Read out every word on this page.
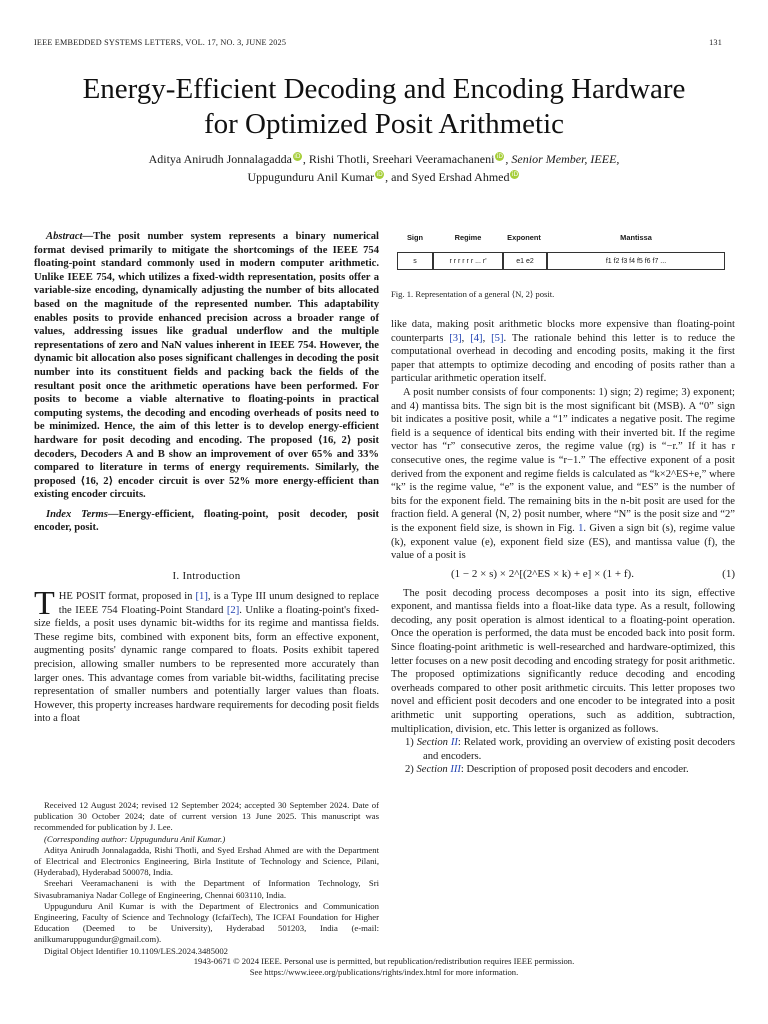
IEEE EMBEDDED SYSTEMS LETTERS, VOL. 17, NO. 3, JUNE 2025	131
Energy-Efficient Decoding and Encoding Hardware
for Optimized Posit Arithmetic
Aditya Anirudh Jonnalagadda iD , Rishi Thotli, Sreehari Veeramachaneni iD , Senior Member, IEEE,
Uppugunduru Anil Kumar iD , and Syed Ershad Ahmed iD

Abstract—The posit number system represents a binary numerical format devised primarily to mitigate the shortcomings of the IEEE 754 floating-point standard commonly used in modern computer arithmetic. Unlike IEEE 754, which utilizes a fixed-width representation, posits offer a variable-size encoding, dynamically adjusting the number of bits allocated based on the magnitude of the represented number. This adaptability enables posits to provide enhanced precision across a broader range of values, addressing issues like gradual underflow and the multiple representations of zero and NaN values inherent in IEEE 754. However, the dynamic bit allocation also poses significant challenges in decoding the posit number into its constituent fields and packing back the fields of the resultant posit once the arithmetic operations have been performed. For posits to become a viable alternative to floating-points in practical computing systems, the decoding and encoding overheads of posits need to be minimized. Hence, the aim of this letter is to develop energy-efficient hardware for posit decoding and encoding. The proposed ⟨16, 2⟩ posit decoders, Decoders A and B show an improvement of over 65% and 33% compared to literature in terms of energy requirements. Similarly, the proposed ⟨16, 2⟩ encoder circuit is over 52% more energy-efficient than existing encoder circuits.

Index Terms—Energy-efficient, floating-point, posit decoder, posit encoder, posit.

I. Introduction

THE POSIT format, proposed in [1], is a Type III unum designed to replace the IEEE 754 Floating-Point Standard [2]. Unlike a floating-point's fixed-size fields, a posit uses dynamic bit-widths for its regime and mantissa fields. These regime bits, combined with exponent bits, form an effective exponent, augmenting posits' dynamic range compared to floats. Posits exhibit tapered precision, allowing smaller numbers to be represented more accurately than larger ones. This advantage comes from variable bit-widths, facilitating precise representation of smaller numbers and potentially larger values than floats. However, this property increases hardware requirements for decoding posit fields into a float

Received 12 August 2024; revised 12 September 2024; accepted 30 September 2024. Date of publication 30 October 2024; date of current version 13 June 2025. This manuscript was recommended for publication by J. Lee.

(Corresponding author: Uppugunduru Anil Kumar.)

Aditya Anirudh Jonnalagadda, Rishi Thotli, and Syed Ershad Ahmed are with the Department of Electrical and Electronics Engineering, Birla Institute of Technology and Science, Pilani, (Hyderabad), Hyderabad 500078, India.

Sreehari Veeramachaneni is with the Department of Information Technology, Sri Sivasubramaniya Nadar College of Engineering, Chennai 603110, India.

Uppugunduru Anil Kumar is with the Department of Electronics and Communication Engineering, Faculty of Science and Technology (IcfaiTech), The ICFAI Foundation for Higher Education (Deemed to be University), Hyderabad 501203, India (e-mail: anilkumaruppugundur@gmail.com).

Digital Object Identifier 10.1109/LES.2024.3485002

Sign	Regime	Exponent	Mantissa
s	r r r r r r ... r'	e1 e2	f1 f2 f3 f4 f5 f6 f7 ...
Fig. 1. Representation of a general ⟨N, 2⟩ posit.

like data, making posit arithmetic blocks more expensive than floating-point counterparts [3], [4], [5]. The rationale behind this letter is to reduce the computational overhead in decoding and encoding posits, making it the first paper that attempts to optimize decoding and encoding of posits rather than a particular arithmetic operation itself.

A posit number consists of four components: 1) sign; 2) regime; 3) exponent; and 4) mantissa bits. The sign bit is the most significant bit (MSB). A “0” sign bit indicates a positive posit, while a “1” indicates a negative posit. The regime field is a sequence of identical bits ending with their inverted bit. If the regime vector has “r” consecutive zeros, the regime value (rg) is “−r.” If it has r consecutive ones, the regime value is “r−1.” The effective exponent of a posit derived from the exponent and regime fields is calculated as “k×2^ES+e,” where “k” is the regime value, “e” is the exponent value, and “ES” is the number of bits for the exponent field. The remaining bits in the n-bit posit are used for the fraction field. A general ⟨N, 2⟩ posit number, where “N” is the posit size and “2” is the exponent field size, is shown in Fig. 1. Given a sign bit (s), regime value (k), exponent value (e), exponent field size (ES), and mantissa value (f), the value of a posit is

(1 − 2 × s) × 2^[(2^ES × k) + e] × (1 + f).	(1)

The posit decoding process decomposes a posit into its sign, effective exponent, and mantissa fields into a float-like data type. As a result, following decoding, any posit operation is almost identical to a floating-point operation. Once the operation is performed, the data must be encoded back into posit form. Since floating-point arithmetic is well-researched and hardware-optimized, this letter focuses on a new posit decoding and encoding strategy for posit arithmetic. The proposed optimizations significantly reduce decoding and encoding overheads compared to other posit arithmetic circuits. This letter proposes two novel and efficient posit decoders and one encoder to be integrated into a posit arithmetic unit supporting operations, such as addition, subtraction, multiplication, division, etc. This letter is organized as follows.

1) Section II: Related work, providing an overview of existing posit decoders and encoders.

2) Section III: Description of proposed posit decoders and encoder.

1943-0671 © 2024 IEEE. Personal use is permitted, but republication/redistribution requires IEEE permission.
See https://www.ieee.org/publications/rights/index.html for more information.
